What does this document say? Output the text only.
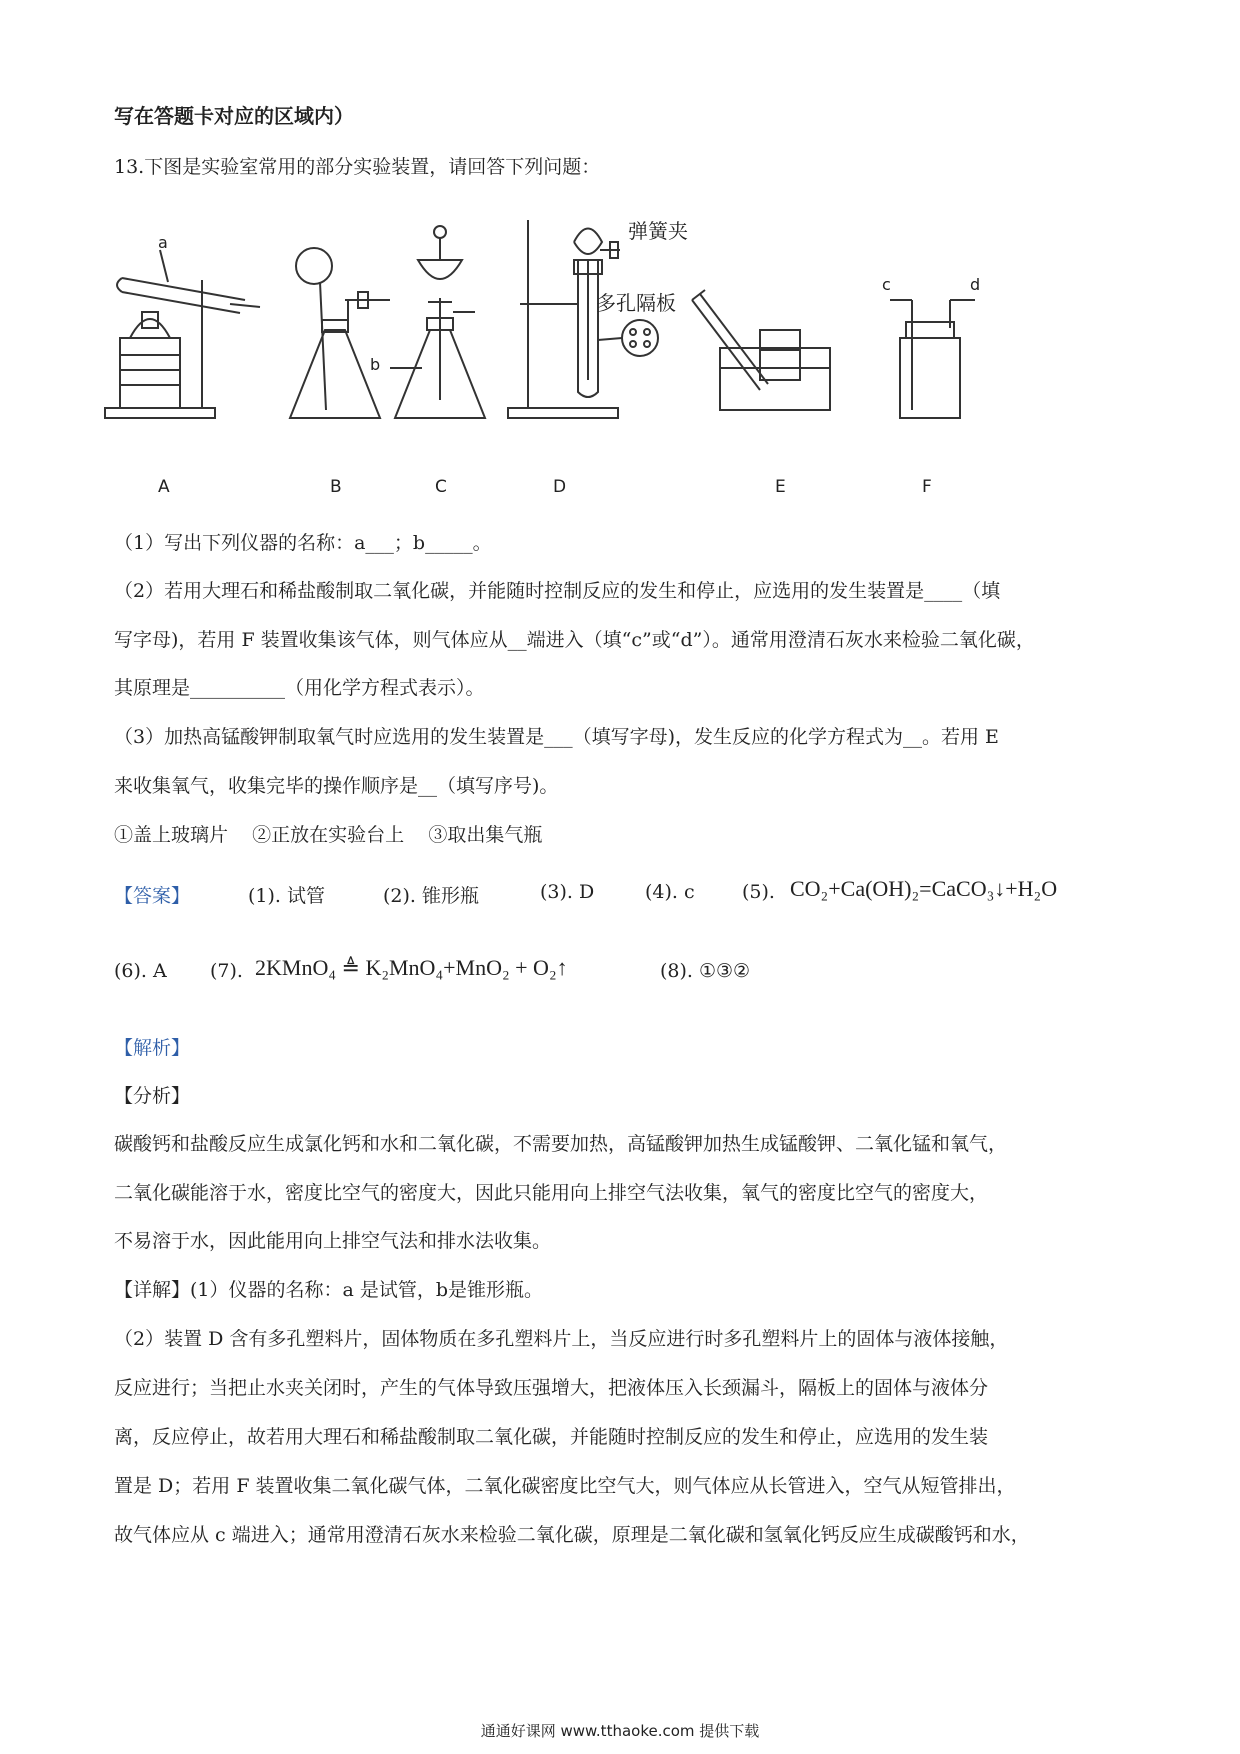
写在答题卡对应的区域内）
13.下图是实验室常用的部分实验装置，请回答下列问题：
a
b
c	d
弹簧夹
多孔隔板
A	B	C	D	E	F
（1）写出下列仪器的名称：a___；b_____。
（2）若用大理石和稀盐酸制取二氧化碳，并能随时控制反应的发生和停止，应选用的发生装置是____（填
写字母)，若用 F 装置收集该气体，则气体应从__端进入（填“c”或“d”）。通常用澄清石灰水来检验二氧化碳，
其原理是__________（用化学方程式表示）。
（3）加热高锰酸钾制取氧气时应选用的发生装置是___（填写字母)，发生反应的化学方程式为__。若用 E
来收集氧气，收集完毕的操作顺序是__（填写序号)。
①盖上玻璃片    ②正放在实验台上    ③取出集气瓶
【答案】	(1). 试管	(2). 锥形瓶	(3). D	(4). c (5). CO₂+Ca(OH)₂=CaCO₃↓+H₂O
(6). A (7). 2KMnO₄ ≜ K₂MnO₄+MnO₂ + O₂↑	(8). ①③②
【解析】
【分析】
碳酸钙和盐酸反应生成氯化钙和水和二氧化碳，不需要加热，高锰酸钾加热生成锰酸钾、二氧化锰和氧气，
二氧化碳能溶于水，密度比空气的密度大，因此只能用向上排空气法收集，氧气的密度比空气的密度大，
不易溶于水，因此能用向上排空气法和排水法收集。
【详解】(1）仪器的名称：a 是试管，b是锥形瓶。
（2）装置 D 含有多孔塑料片，固体物质在多孔塑料片上，当反应进行时多孔塑料片上的固体与液体接触，
反应进行；当把止水夹关闭时，产生的气体导致压强增大，把液体压入长颈漏斗，隔板上的固体与液体分
离，反应停止，故若用大理石和稀盐酸制取二氧化碳，并能随时控制反应的发生和停止，应选用的发生装
置是 D；若用 F 装置收集二氧化碳气体，二氧化碳密度比空气大，则气体应从长管进入，空气从短管排出，
故气体应从 c 端进入；通常用澄清石灰水来检验二氧化碳，原理是二氧化碳和氢氧化钙反应生成碳酸钙和水，
通通好课网 www.tthaoke.com 提供下载
